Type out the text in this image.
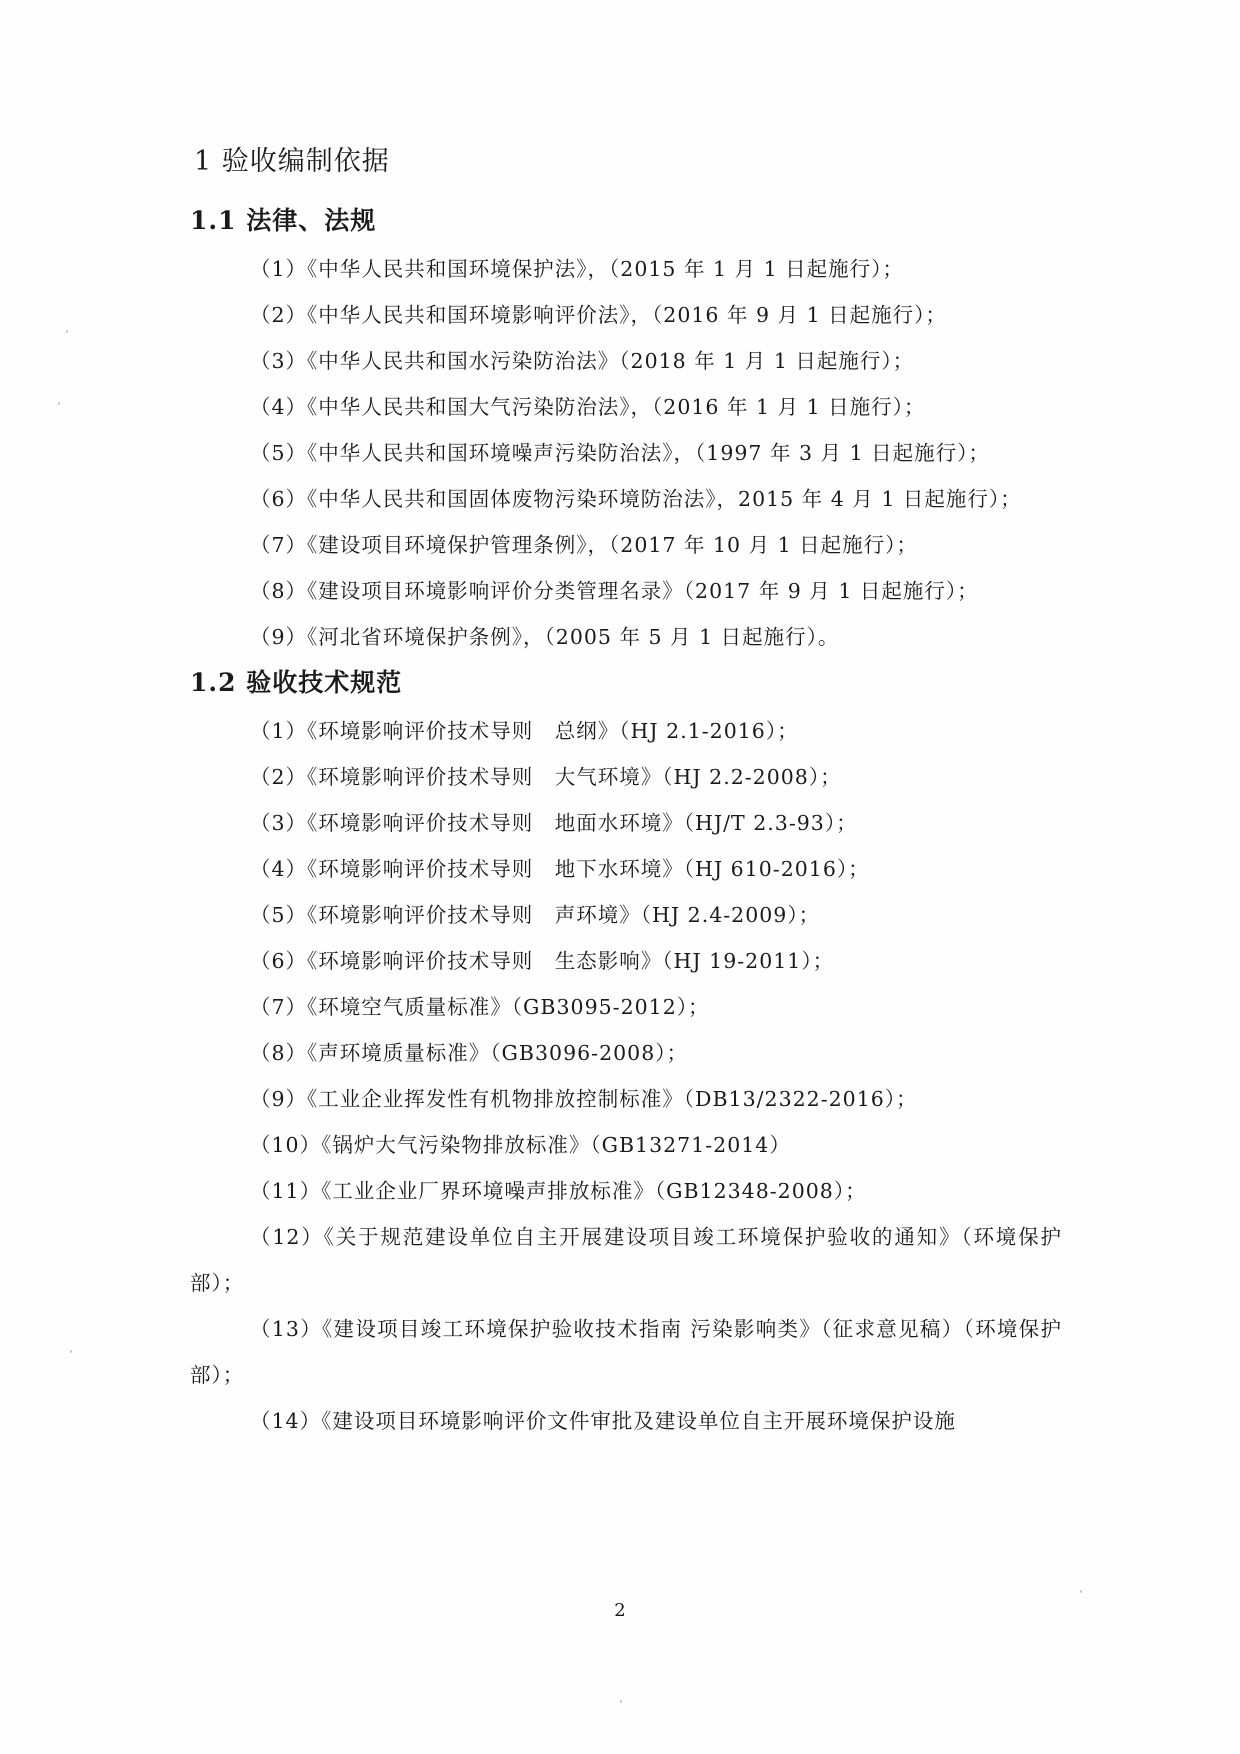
1 验收编制依据
1.1 法律、法规

（1）《中华人民共和国环境保护法》，（2015 年 1 月 1 日起施行）；

（2）《中华人民共和国环境影响评价法》，（2016 年 9 月 1 日起施行）；

（3）《中华人民共和国水污染防治法》（2018 年 1 月 1 日起施行）；

（4）《中华人民共和国大气污染防治法》，（2016 年 1 月 1 日施行）；

（5）《中华人民共和国环境噪声污染防治法》，（1997 年 3 月 1 日起施行）；

（6）《中华人民共和国固体废物污染环境防治法》，2015 年 4 月 1 日起施行）；

（7）《建设项目环境保护管理条例》，（2017 年 10 月 1 日起施行）；

（8）《建设项目环境影响评价分类管理名录》（2017 年 9 月 1 日起施行）；

（9）《河北省环境保护条例》，（2005 年 5 月 1 日起施行）。

1.2 验收技术规范

（1）《环境影响评价技术导则　总纲》（HJ 2.1-2016）；

（2）《环境影响评价技术导则　大气环境》（HJ 2.2-2008）；

（3）《环境影响评价技术导则　地面水环境》（HJ/T 2.3-93）；

（4）《环境影响评价技术导则　地下水环境》（HJ 610-2016）；

（5）《环境影响评价技术导则　声环境》（HJ 2.4-2009）；

（6）《环境影响评价技术导则　生态影响》（HJ 19-2011）；

（7）《环境空气质量标准》（GB3095-2012）；

（8）《声环境质量标准》（GB3096-2008）；

（9）《工业企业挥发性有机物排放控制标准》（DB13/2322-2016）；

（10）《锅炉大气污染物排放标准》（GB13271-2014）

（11）《工业企业厂界环境噪声排放标准》（GB12348-2008）；

（12）《关于规范建设单位自主开展建设项目竣工环境保护验收的通知》（环境保护部）；

（13）《建设项目竣工环境保护验收技术指南 污染影响类》（征求意见稿）（环境保护部）；

（14）《建设项目环境影响评价文件审批及建设单位自主开展环境保护设施

2
